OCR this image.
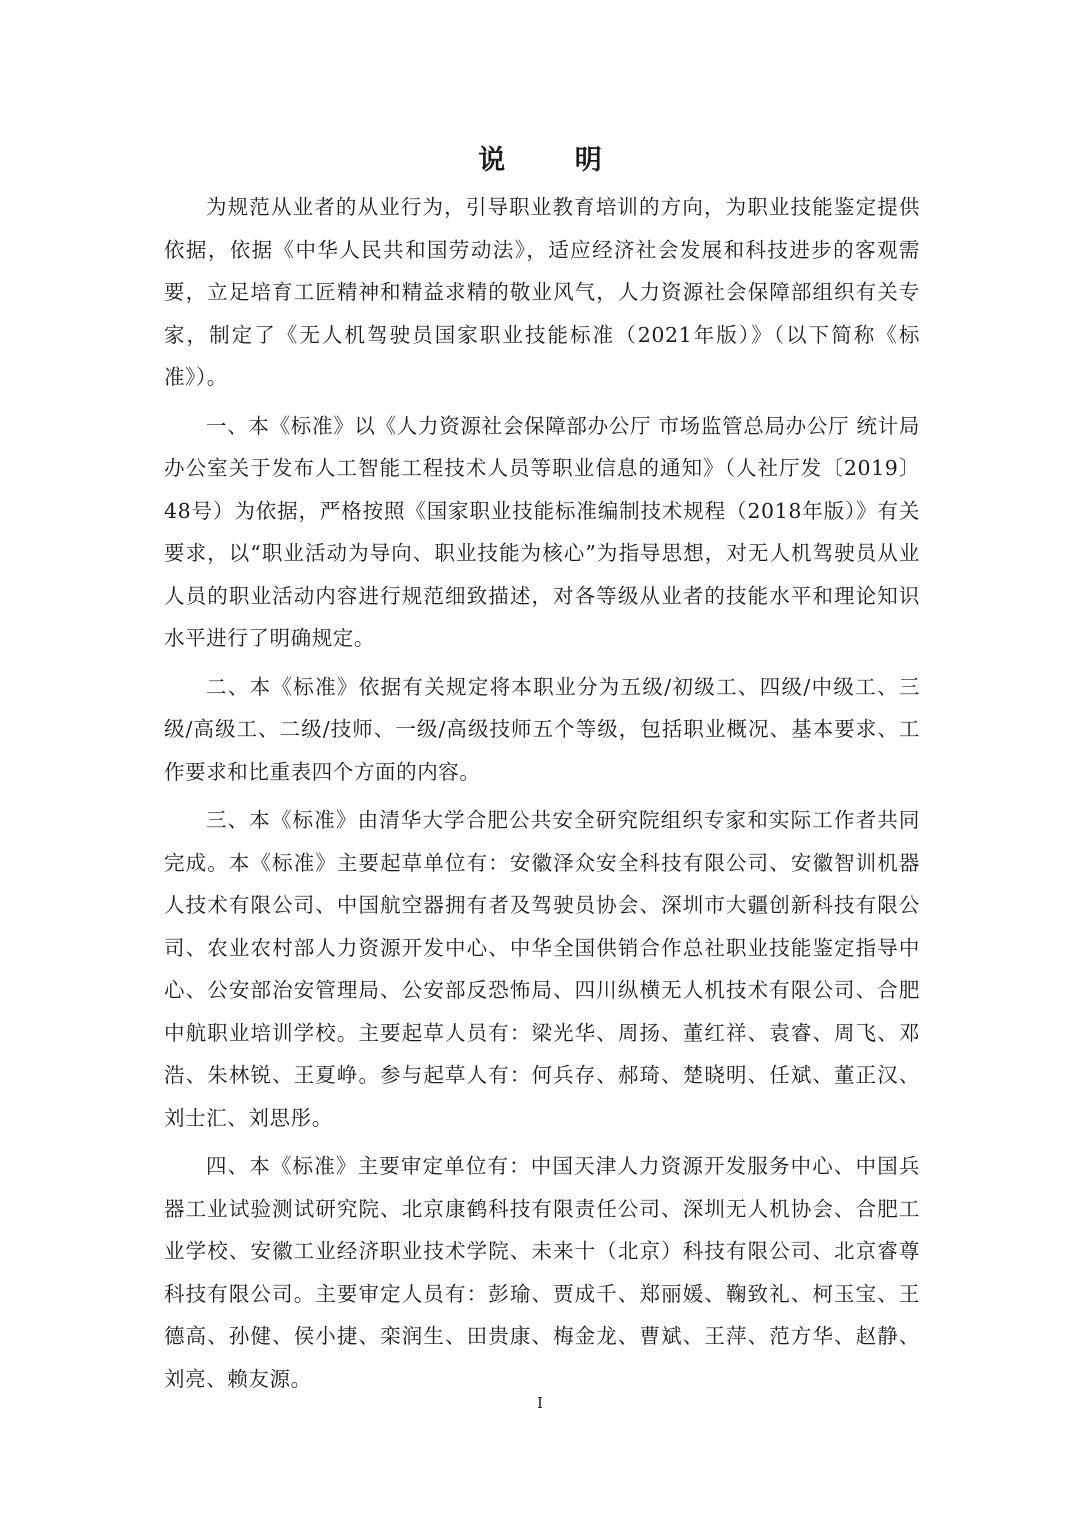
说 明

为规范从业者的从业行为，引导职业教育培训的方向，为职业技能鉴定提供依据，依据《中华人民共和国劳动法》，适应经济社会发展和科技进步的客观需要，立足培育工匠精神和精益求精的敬业风气，人力资源社会保障部组织有关专家，制定了《无人机驾驶员国家职业技能标准（2021年版）》（以下简称《标准》）。

一、本《标准》以《人力资源社会保障部办公厅 市场监管总局办公厅 统计局办公室关于发布人工智能工程技术人员等职业信息的通知》（人社厅发〔2019〕48号）为依据，严格按照《国家职业技能标准编制技术规程（2018年版）》有关要求，以“职业活动为导向、职业技能为核心”为指导思想，对无人机驾驶员从业人员的职业活动内容进行规范细致描述，对各等级从业者的技能水平和理论知识水平进行了明确规定。

二、本《标准》依据有关规定将本职业分为五级/初级工、四级/中级工、三级/高级工、二级/技师、一级/高级技师五个等级，包括职业概况、基本要求、工作要求和比重表四个方面的内容。

三、本《标准》由清华大学合肥公共安全研究院组织专家和实际工作者共同完成。本《标准》主要起草单位有：安徽泽众安全科技有限公司、安徽智训机器人技术有限公司、中国航空器拥有者及驾驶员协会、深圳市大疆创新科技有限公司、农业农村部人力资源开发中心、中华全国供销合作总社职业技能鉴定指导中心、公安部治安管理局、公安部反恐怖局、四川纵横无人机技术有限公司、合肥中航职业培训学校。主要起草人员有：梁光华、周扬、董红祥、袁睿、周飞、邓浩、朱林锐、王夏峥。参与起草人有：何兵存、郝琦、楚晓明、任斌、董正汉、刘士汇、刘思彤。

四、本《标准》主要审定单位有：中国天津人力资源开发服务中心、中国兵器工业试验测试研究院、北京康鹤科技有限责任公司、深圳无人机协会、合肥工业学校、安徽工业经济职业技术学院、未来十（北京）科技有限公司、北京睿尊科技有限公司。主要审定人员有：彭瑜、贾成千、郑丽媛、鞠致礼、柯玉宝、王德高、孙健、侯小捷、栾润生、田贵康、梅金龙、曹斌、王萍、范方华、赵静、刘亮、赖友源。

I
